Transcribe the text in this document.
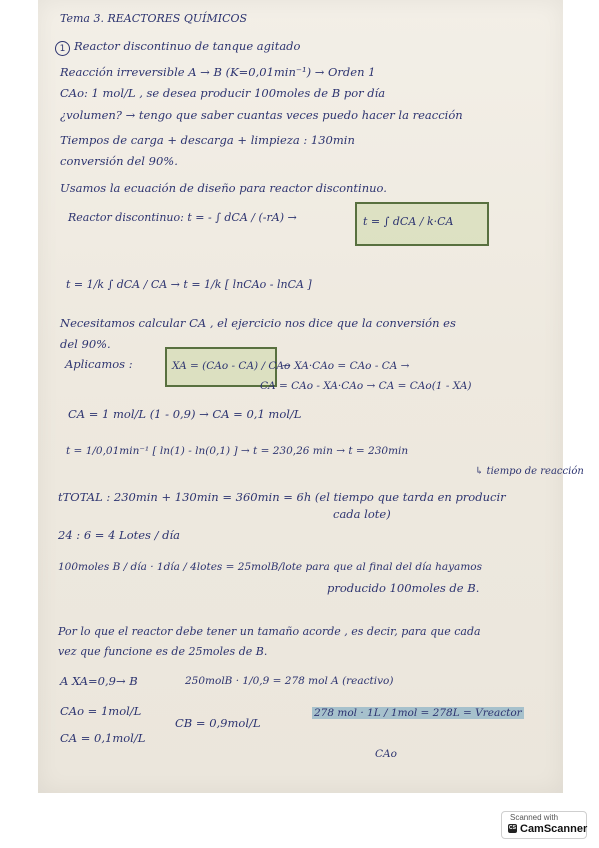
Tema 3. REACTORES QUÍMICOS
1 Reactor discontinuo de tanque agitado
Reacción irreversible A → B (K=0,01min⁻¹) → Orden 1
CAo: 1 mol/L , se desea producir 100moles de B por día
¿volumen? → tengo que saber cuantas veces puedo hacer la reacción
Tiempos de carga + descarga + limpieza : 130min
conversión del 90%.
Usamos la ecuación de diseño para reactor discontinuo.
Reactor discontinuo: t = - ∫ dCA / (-rA) →	t = ∫ dCA / k·CA
t = 1/k ∫ dCA / CA → t = 1/k [ lnCAo - lnCA ]
Necesitamos calcular CA , el ejercicio nos dice que la conversión es
del 90%.
Aplicamos :	XA = (CAo - CA) / CAo
→ XA·CAo = CAo - CA →
CA = CAo - XA·CAo → CA = CAo(1 - XA)
CA = 1 mol/L (1 - 0,9) → CA = 0,1 mol/L
t = 1/0,01min⁻¹ [ ln(1) - ln(0,1) ] → t = 230,26 min → t = 230min
↳ tiempo de reacción
tTOTAL : 230min + 130min = 360min = 6h (el tiempo que tarda en producir
cada lote)
24 : 6 = 4 Lotes / día
100moles B / día · 1día / 4lotes = 25molB/lote para que al final del día hayamos
producido 100moles de B.
Por lo que el reactor debe tener un tamaño acorde , es decir, para que cada
vez que funcione es de 25moles de B.
A XA=0,9→ B	250molB · 1/0,9 = 278 mol A (reactivo)
CAo = 1mol/L
CA = 0,1mol/L
CB = 0,9mol/L
278 mol · 1L / 1mol = 278L = Vreactor
CAo
Scanned with
CS CamScanner
